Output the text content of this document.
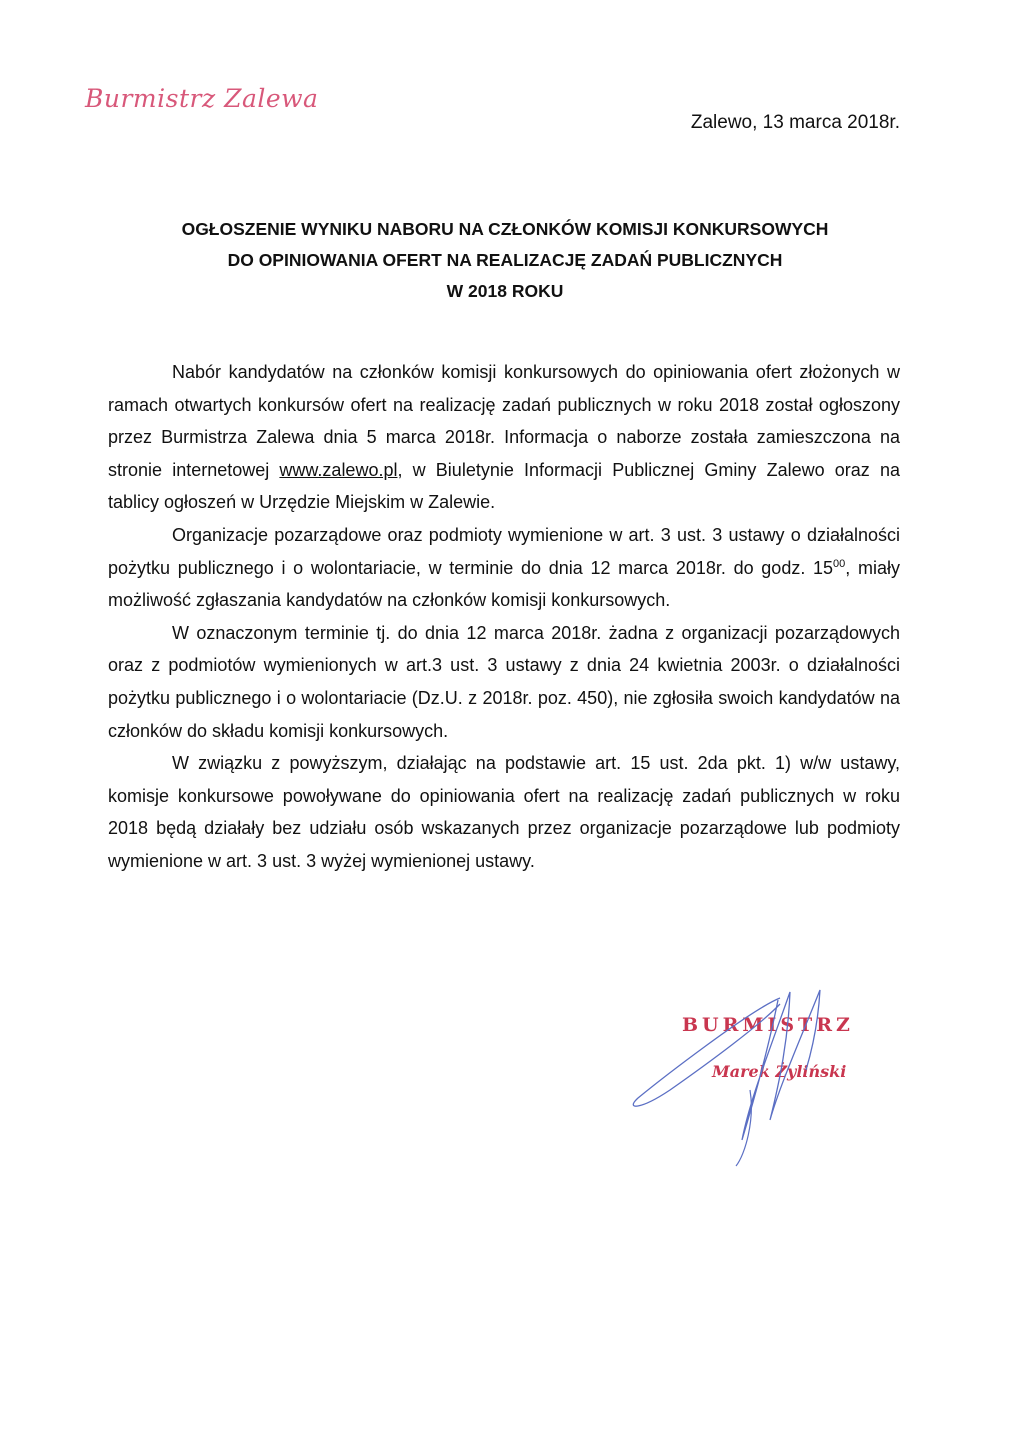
Burmistrz Zalewa
Zalewo, 13 marca 2018r.
OGŁOSZENIE WYNIKU NABORU NA CZŁONKÓW KOMISJI KONKURSOWYCH
DO OPINIOWANIA OFERT NA REALIZACJĘ ZADAŃ PUBLICZNYCH
W 2018 ROKU

Nabór kandydatów na członków komisji konkursowych do opiniowania ofert złożonych w ramach otwartych konkursów ofert na realizację zadań publicznych w roku 2018 został ogłoszony przez Burmistrza Zalewa dnia 5 marca 2018r. Informacja o naborze została zamieszczona na stronie internetowej www.zalewo.pl, w Biuletynie Informacji Publicznej Gminy Zalewo oraz na tablicy ogłoszeń w Urzędzie Miejskim w Zalewie.

Organizacje pozarządowe oraz podmioty wymienione w art. 3 ust. 3 ustawy o działalności pożytku publicznego i o wolontariacie, w terminie do dnia 12 marca 2018r. do godz. $15^{00}$, miały możliwość zgłaszania kandydatów na członków komisji konkursowych.

W oznaczonym terminie tj. do dnia 12 marca 2018r. żadna z organizacji pozarządowych oraz z podmiotów wymienionych w art.3 ust. 3 ustawy z dnia 24 kwietnia 2003r. o działalności pożytku publicznego i o wolontariacie (Dz.U. z 2018r. poz. 450), nie zgłosiła swoich kandydatów na członków do składu komisji konkursowych.

W związku z powyższym, działając na podstawie art. 15 ust. 2da pkt. 1) w/w ustawy, komisje konkursowe powoływane do opiniowania ofert na realizację zadań publicznych w roku 2018 będą działały bez udziału osób wskazanych przez organizacje pozarządowe lub podmioty wymienione w art. 3 ust. 3 wyżej wymienionej ustawy.

BURMISTRZ
Marek Żyliński
